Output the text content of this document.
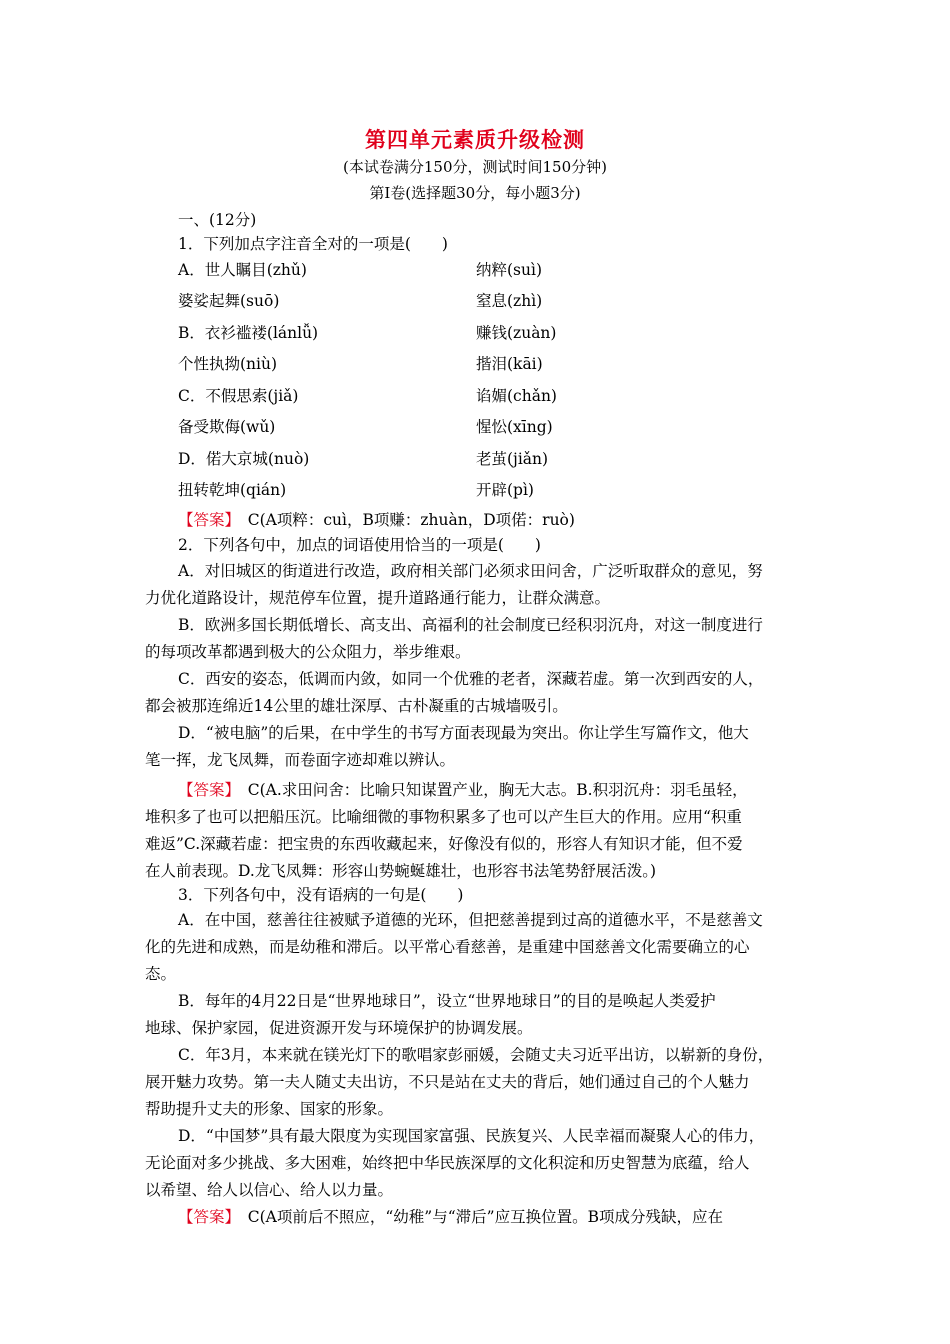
第四单元素质升级检测
(本试卷满分150分，测试时间150分钟)
第Ⅰ卷(选择题30分，每小题3分)
一、(12分)
1．下列加点字注音全对的一项是(　　)
A．世人瞩目(zhǔ)	纳粹(suì)
婆娑起舞(suō)	窒息(zhì)
B．衣衫褴褛(lánlǚ)	赚钱(zuàn)
个性执拗(niù)	揩泪(kāi)
C．不假思索(jiǎ)	谄媚(chǎn)
备受欺侮(wǔ)	惺忪(xīng)
D．偌大京城(nuò)	老茧(jiǎn)
扭转乾坤(qián)	开辟(pì)
【答案】　C(A项粹：cuì，B项赚：zhuàn，D项偌：ruò)
2．下列各句中，加点的词语使用恰当的一项是(　　)
A．对旧城区的街道进行改造，政府相关部门必须求田问舍，广泛听取群众的意见，努
力优化道路设计，规范停车位置，提升道路通行能力，让群众满意。
B．欧洲多国长期低增长、高支出、高福利的社会制度已经积羽沉舟，对这一制度进行
的每项改革都遇到极大的公众阻力，举步维艰。
C．西安的姿态，低调而内敛，如同一个优雅的老者，深藏若虚。第一次到西安的人，
都会被那连绵近14公里的雄壮深厚、古朴凝重的古城墙吸引。
D．“被电脑”的后果，在中学生的书写方面表现最为突出。你让学生写篇作文，他大
笔一挥，龙飞凤舞，而卷面字迹却难以辨认。
【答案】　C(A.求田问舍：比喻只知谋置产业，胸无大志。B.积羽沉舟：羽毛虽轻，
堆积多了也可以把船压沉。比喻细微的事物积累多了也可以产生巨大的作用。应用“积重
难返”C.深藏若虚：把宝贵的东西收藏起来，好像没有似的，形容人有知识才能，但不爱
在人前表现。D.龙飞凤舞：形容山势蜿蜒雄壮，也形容书法笔势舒展活泼。)
3．下列各句中，没有语病的一句是(　　)
A．在中国，慈善往往被赋予道德的光环，但把慈善提到过高的道德水平，不是慈善文
化的先进和成熟，而是幼稚和滞后。以平常心看慈善，是重建中国慈善文化需要确立的心
态。
B．每年的4月22日是“世界地球日”，设立“世界地球日”的目的是唤起人类爱护
地球、保护家园，促进资源开发与环境保护的协调发展。
C．年3月，本来就在镁光灯下的歌唱家彭丽媛，会随丈夫习近平出访，以崭新的身份，
展开魅力攻势。第一夫人随丈夫出访，不只是站在丈夫的背后，她们通过自己的个人魅力
帮助提升丈夫的形象、国家的形象。
D．“中国梦”具有最大限度为实现国家富强、民族复兴、人民幸福而凝聚人心的伟力，
无论面对多少挑战、多大困难，始终把中华民族深厚的文化积淀和历史智慧为底蕴，给人
以希望、给人以信心、给人以力量。
【答案】　C(A项前后不照应，“幼稚”与“滞后”应互换位置。B项成分残缺，应在
